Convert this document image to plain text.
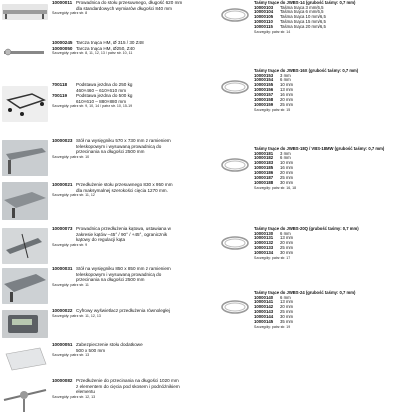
10000011 Prowadnica do stołu przesuwnego, długość 620 mm
dla standardowych wymiarów długości 840 mm
Szczegóły: patrz str. 8
10000245 Tarcza tnąca HM, Ø 315 / 30 Z48
10000050 Tarcza tnąca HM, Ø250, Z40
Szczegóły: patrz str. 8, 11, 12, 13 / patrz str. 10, 11
700118	Podstawa jezdna do 250 kg
460×460 – 610×610 mm
700119	Podstawa jezdna do 500 kg
610×610 – 880×880 mm
Szczegóły: patrz str. 9, 10, 14 / patrz str. 10, 15-19
10000023 Stół na wysięgniku 570 x 730 mm z ramieniem
teleskopowym i wysuwaną prowadnicą do
przecinania na długości 2500 mm
Szczegóły: patrz str. 10
10000021 Przedłużenie stołu przesuwnego 830 x 950 mm
dla maksymalnej szerokości cięcia 1270 mm.
Szczegóły: patrz str. 11, 12
10000073 Prowadnica przedłużenia kątowa, ustawiana w
zakresie kątów –45° / 90° / +45°, ogranicznik
kątowy do regulacji kąta
Szczegóły: patrz str. 9
10000031 Stół na wysięgniku 850 x 850 mm z ramieniem
teleskopowym i wysuwaną prowadnicą do
przecinania na długości 2500 mm
Szczegóły: patrz str. 11
10000022 Cyfrowy wyświetlacz przedłużenia równoległej
Szczegóły: patrz str. 11, 12, 13
10000051 Zabezpieczenie stołu dodatkowe
500 x 500 mm
Szczegóły: patrz str. 13
10000082 Przedłużenie do przecinania na długości 1020 mm
z elementem do cięcia pod skosem i podnóżnikiem
elementu
Szczegóły: patrz str. 12, 13
Taśmy tnące do JWBS-14 (grubość taśmy: 0,7 mm)
10000103	Taśma tnąca 3 mm/6,5
10000104	Taśma tnąca 6 mm/6,5
10000105	Taśma tnąca 10 mm/6,5
10000110	Taśma tnąca 15 mm/6,5
10000115	Taśma tnąca 20 mm/6,5
Szczegóły: patrz str. 14
Taśmy tnące do JWBS-16X (grubość taśmy: 0,7 mm)
10000153	3 mm
10000154	6 mm
10000155	10 mm
10000156	13 mm
10000157	16 mm
10000158	20 mm
10000159	25 mm
Szczegóły: patrz str. 15
Taśmy tnące do JWBS-18Q / VBS-18MW (grubość taśmy: 0,7 mm)
10000181	3 mm
10000182	6 mm
10000183	10 mm
10000185	16 mm
10000186	20 mm
10000187	25 mm
10000188	30 mm
Szczegóły: patrz str. 16, 18
Taśmy tnące do JWBS-20Q (grubość taśmy: 0,7 mm)
10000130	6 mm
10000131	13 mm
10000132	20 mm
10000133	25 mm
10000134	30 mm
Szczegóły: patrz str. 17
Taśmy tnące do JWBS-24 (grubość taśmy: 0,7 mm)
10000140	6 mm
10000141	13 mm
10000142	20 mm
10000143	25 mm
10000144	30 mm
10000145	35 mm
Szczegóły: patrz str. 19
